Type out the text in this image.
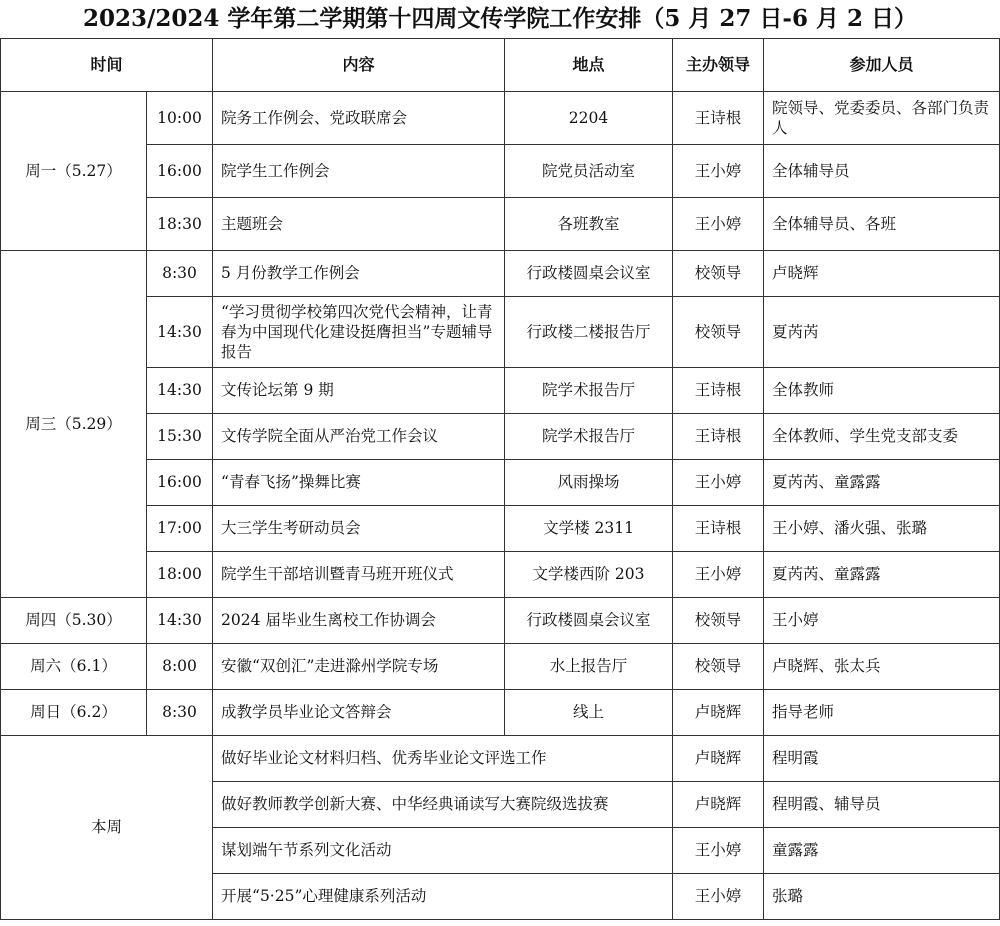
2023/2024 学年第二学期第十四周文传学院工作安排（5 月 27 日-6 月 2 日）
时间		内容	地点	主办领导	参加人员
周一（5.27）	10:00	院务工作例会、党政联席会	2204	王诗根	院领导、党委委员、各部门负责人
	16:00	院学生工作例会	院党员活动室	王小婷	全体辅导员
	18:30	主题班会	各班教室	王小婷	全体辅导员、各班
周三（5.29）	8:30	5 月份教学工作例会	行政楼圆桌会议室	校领导	卢晓辉
	14:30	“学习贯彻学校第四次党代会精神，让青春为中国现代化建设挺膺担当”专题辅导报告	行政楼二楼报告厅	校领导	夏芮芮
	14:30	文传论坛第 9 期	院学术报告厅	王诗根	全体教师
	15:30	文传学院全面从严治党工作会议	院学术报告厅	王诗根	全体教师、学生党支部支委
	16:00	“青春飞扬”操舞比赛	风雨操场	王小婷	夏芮芮、童露露
	17:00	大三学生考研动员会	文学楼 2311	王诗根	王小婷、潘火强、张璐
	18:00	院学生干部培训暨青马班开班仪式	文学楼西阶 203	王小婷	夏芮芮、童露露
周四（5.30）	14:30	2024 届毕业生离校工作协调会	行政楼圆桌会议室	校领导	王小婷
周六（6.1）	8:00	安徽“双创汇”走进滁州学院专场	水上报告厅	校领导	卢晓辉、张太兵
周日（6.2）	8:30	成教学员毕业论文答辩会	线上	卢晓辉	指导老师
本周		做好毕业论文材料归档、优秀毕业论文评选工作		卢晓辉	程明霞
		做好教师教学创新大赛、中华经典诵读写大赛院级选拔赛		卢晓辉	程明霞、辅导员
		谋划端午节系列文化活动		王小婷	童露露
		开展“5·25”心理健康系列活动		王小婷	张璐
